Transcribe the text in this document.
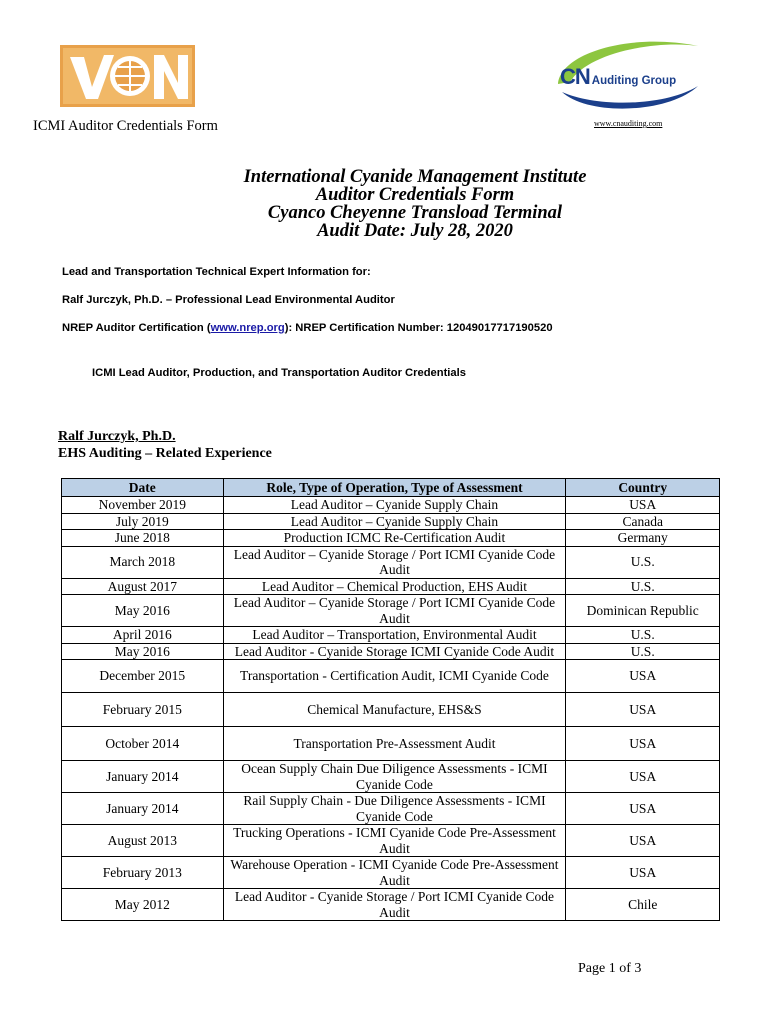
CN Auditing Group
www.cnauditing.com
ICMI Auditor Credentials Form
International Cyanide Management Institute
Auditor Credentials Form
Cyanco Cheyenne Transload Terminal
Audit Date: July 28, 2020
Lead and Transportation Technical Expert Information for:
Ralf Jurczyk, Ph.D. – Professional Lead Environmental Auditor
NREP Auditor Certification (www.nrep.org): NREP Certification Number: 12049017717190520
ICMI Lead Auditor, Production, and Transportation Auditor Credentials
Ralf Jurczyk, Ph.D.
EHS Auditing – Related Experience
Date	Role, Type of Operation, Type of Assessment	Country
November 2019	Lead Auditor – Cyanide Supply Chain	USA
July 2019	Lead Auditor – Cyanide Supply Chain	Canada
June 2018	Production ICMC Re-Certification Audit	Germany
March 2018	Lead Auditor – Cyanide Storage / Port ICMI Cyanide Code Audit	U.S.
August 2017	Lead Auditor – Chemical Production, EHS Audit	U.S.
May 2016	Lead Auditor – Cyanide Storage / Port ICMI Cyanide Code Audit	Dominican Republic
April 2016	Lead Auditor – Transportation, Environmental Audit	U.S.
May 2016	Lead Auditor - Cyanide Storage ICMI Cyanide Code Audit	U.S.
December 2015	Transportation - Certification Audit, ICMI Cyanide Code	USA
February 2015	Chemical Manufacture, EHS&S	USA
October 2014	Transportation Pre-Assessment Audit	USA
January 2014	Ocean Supply Chain Due Diligence Assessments - ICMI Cyanide Code	USA
January 2014	Rail Supply Chain - Due Diligence Assessments - ICMI Cyanide Code	USA
August 2013	Trucking Operations - ICMI Cyanide Code Pre-Assessment Audit	USA
February 2013	Warehouse Operation - ICMI Cyanide Code Pre-Assessment Audit	USA
May 2012	Lead Auditor - Cyanide Storage / Port ICMI Cyanide Code Audit	Chile
Page 1 of 3
